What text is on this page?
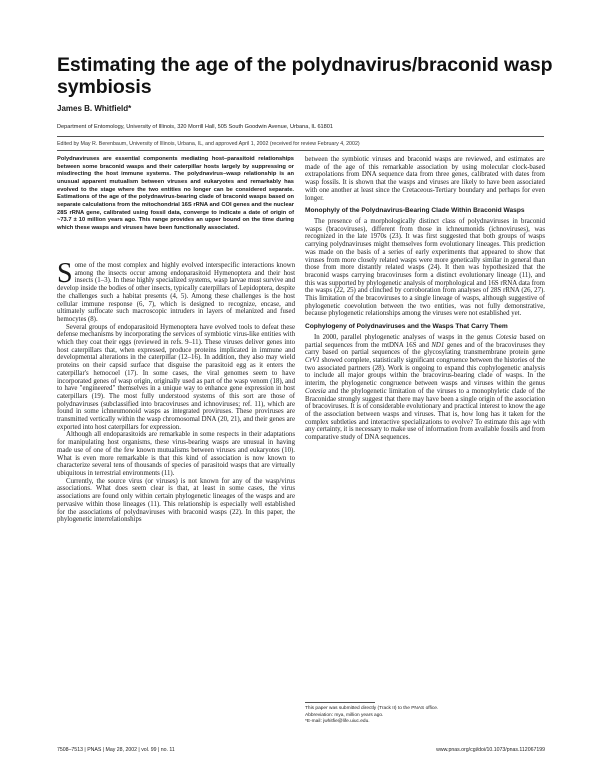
Estimating the age of the polydnavirus/braconid wasp symbiosis
James B. Whitfield*
Department of Entomology, University of Illinois, 320 Morrill Hall, 505 South Goodwin Avenue, Urbana, IL 61801
Edited by May R. Berenbaum, University of Illinois, Urbana, IL, and approved April 1, 2002 (received for review February 4, 2002)
Polydnaviruses are essential components mediating host–parasitoid relationships between some braconid wasps and their caterpillar hosts largely by suppressing or misdirecting the host immune systems. The polydnavirus–wasp relationship is an unusual apparent mutualism between viruses and eukaryotes and remarkably has evolved to the stage where the two entities no longer can be considered separate. Estimations of the age of the polydnavirus-bearing clade of braconid wasps based on separate calculations from the mitochondrial 16S rRNA and COI genes and the nuclear 28S rRNA gene, calibrated using fossil data, converge to indicate a date of origin of ~73.7 ± 10 million years ago. This range provides an upper bound on the time during which these wasps and viruses have been functionally associated.

Some of the most complex and highly evolved interspecific interactions known among the insects occur among endoparasitoid Hymenoptera and their host insects (1–3). In these highly specialized systems, wasp larvae must survive and develop inside the bodies of other insects, typically caterpillars of Lepidoptera, despite the challenges such a habitat presents (4, 5). Among these challenges is the host cellular immune response (6, 7), which is designed to recognize, encase, and ultimately suffocate such macroscopic intruders in layers of melanized and fused hemocytes (8).

Several groups of endoparasitoid Hymenoptera have evolved tools to defeat these defense mechanisms by incorporating the services of symbiotic virus-like entities with which they coat their eggs (reviewed in refs. 9–11). These viruses deliver genes into host caterpillars that, when expressed, produce proteins implicated in immune and developmental alterations in the caterpillar (12–16). In addition, they also may wield proteins on their capsid surface that disguise the parasitoid egg as it enters the caterpillar's hemocoel (17). In some cases, the viral genomes seem to have incorporated genes of wasp origin, originally used as part of the wasp venom (18), and to have "engineered" themselves in a unique way to enhance gene expression in host caterpillars (19). The most fully understood systems of this sort are those of polydnaviruses (subclassified into bracoviruses and ichnoviruses; ref. 11), which are found in some ichneumonoid wasps as integrated proviruses. These proviruses are transmitted vertically within the wasp chromosomal DNA (20, 21), and their genes are exported into host caterpillars for expression.

Although all endoparasitoids are remarkable in some respects in their adaptations for manipulating host organisms, these virus-bearing wasps are unusual in having made use of one of the few known mutualisms between viruses and eukaryotes (10). What is even more remarkable is that this kind of association is now known to characterize several tens of thousands of species of parasitoid wasps that are virtually ubiquitous in terrestrial environments (11).

Currently, the source virus (or viruses) is not known for any of the wasp/virus associations. What does seem clear is that, at least in some cases, the virus associations are found only within certain phylogenetic lineages of the wasps and are pervasive within those lineages (11). This relationship is especially well established for the associations of polydnaviruses with braconid wasps (22). In this paper, the phylogenetic interrelationships

between the symbiotic viruses and braconid wasps are reviewed, and estimates are made of the age of this remarkable association by using molecular clock-based extrapolations from DNA sequence data from three genes, calibrated with dates from wasp fossils. It is shown that the wasps and viruses are likely to have been associated with one another at least since the Cretaceous-Tertiary boundary and perhaps for even longer.

Monophyly of the Polydnavirus-Bearing Clade Within Braconid Wasps

The presence of a morphologically distinct class of polydnaviruses in braconid wasps (bracoviruses), different from those in ichneumonids (ichnoviruses), was recognized in the late 1970s (23). It was first suggested that both groups of wasps carrying polydnaviruses might themselves form evolutionary lineages. This prediction was made on the basis of a series of early experiments that appeared to show that viruses from more closely related wasps were more genetically similar in general than those from more distantly related wasps (24). It then was hypothesized that the braconid wasps carrying bracoviruses form a distinct evolutionary lineage (11), and this was supported by phylogenetic analysis of morphological and 16S rRNA data from the wasps (22, 25) and clinched by corroboration from analyses of 28S rRNA (26, 27). This limitation of the bracoviruses to a single lineage of wasps, although suggestive of phylogenetic coevolution between the two entities, was not fully demonstrative, because phylogenetic relationships among the viruses were not established yet.

Cophylogeny of Polydnaviruses and the Wasps That Carry Them

In 2000, parallel phylogenetic analyses of wasps in the genus Cotesia based on partial sequences from the mtDNA 16S and ND1 genes and of the bracoviruses they carry based on partial sequences of the glycosylating transmembrane protein gene CrV1 showed complete, statistically significant congruence between the histories of the two associated partners (28). Work is ongoing to expand this cophylogenetic analysis to include all major groups within the bracovirus-bearing clade of wasps. In the interim, the phylogenetic congruence between wasps and viruses within the genus Cotesia and the phylogenetic limitation of the viruses to a monophyletic clade of the Braconidae strongly suggest that there may have been a single origin of the association of bracoviruses. It is of considerable evolutionary and practical interest to know the age of the association between wasps and viruses. That is, how long has it taken for the complex subtleties and interactive specializations to evolve? To estimate this age with any certainty, it is necessary to make use of information from available fossils and from comparative study of DNA sequences.

This paper was submitted directly (Track II) to the PNAS office.
Abbreviation: mya, million years ago.
*E-mail: jwhitfie@life.uiuc.edu.
7508–7513 | PNAS | May 28, 2002 | vol. 99 | no. 11	www.pnas.org/cgi/doi/10.1073/pnas.112067199
